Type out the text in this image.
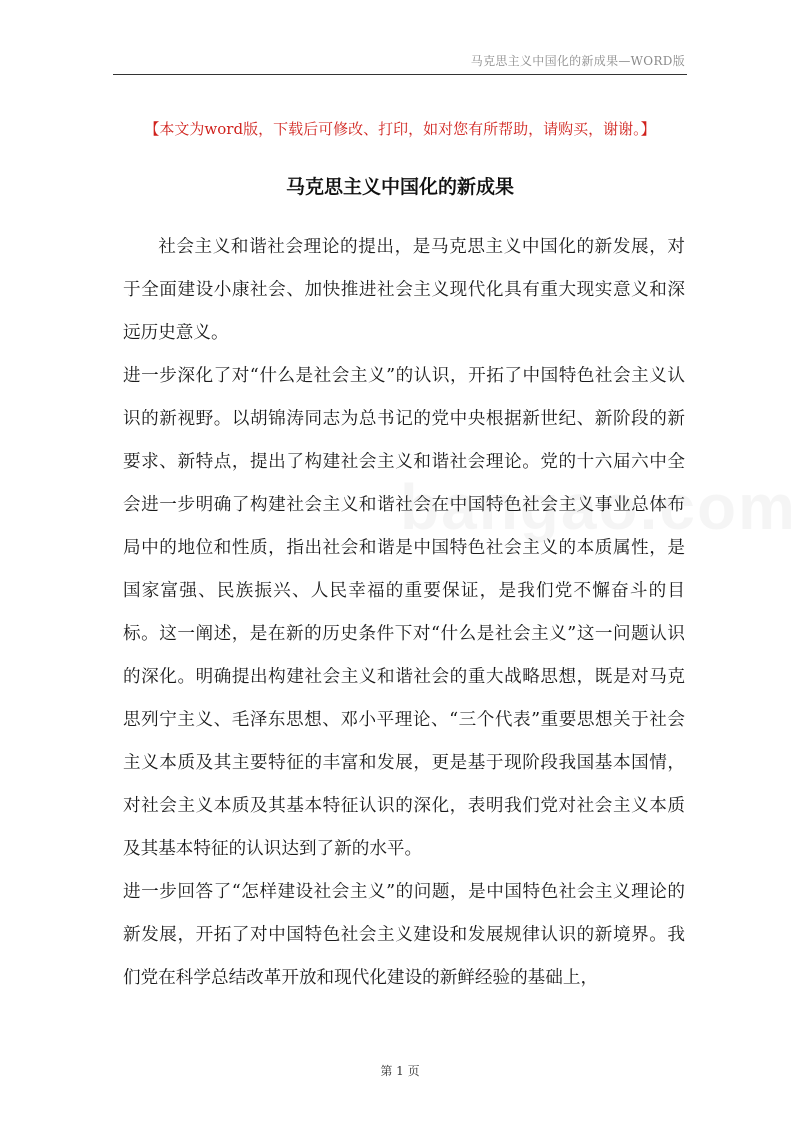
马克思主义中国化的新成果—WORD版
【本文为word版，下载后可修改、打印，如对您有所帮助，请购买，谢谢。】
马克思主义中国化的新成果

社会主义和谐社会理论的提出，是马克思主义中国化的新发展，对于全面建设小康社会、加快推进社会主义现代化具有重大现实意义和深远历史意义。

进一步深化了对“什么是社会主义”的认识，开拓了中国特色社会主义认识的新视野。以胡锦涛同志为总书记的党中央根据新世纪、新阶段的新要求、新特点，提出了构建社会主义和谐社会理论。党的十六届六中全会进一步明确了构建社会主义和谐社会在中国特色社会主义事业总体布局中的地位和性质，指出社会和谐是中国特色社会主义的本质属性，是国家富强、民族振兴、人民幸福的重要保证，是我们党不懈奋斗的目标。这一阐述，是在新的历史条件下对“什么是社会主义”这一问题认识的深化。明确提出构建社会主义和谐社会的重大战略思想，既是对马克思列宁主义、毛泽东思想、邓小平理论、“三个代表”重要思想关于社会主义本质及其主要特征的丰富和发展，更是基于现阶段我国基本国情，对社会主义本质及其基本特征认识的深化，表明我们党对社会主义本质及其基本特征的认识达到了新的水平。

进一步回答了“怎样建设社会主义”的问题，是中国特色社会主义理论的新发展，开拓了对中国特色社会主义建设和发展规律认识的新境界。我们党在科学总结改革开放和现代化建设的新鲜经验的基础上，

第 1 页
